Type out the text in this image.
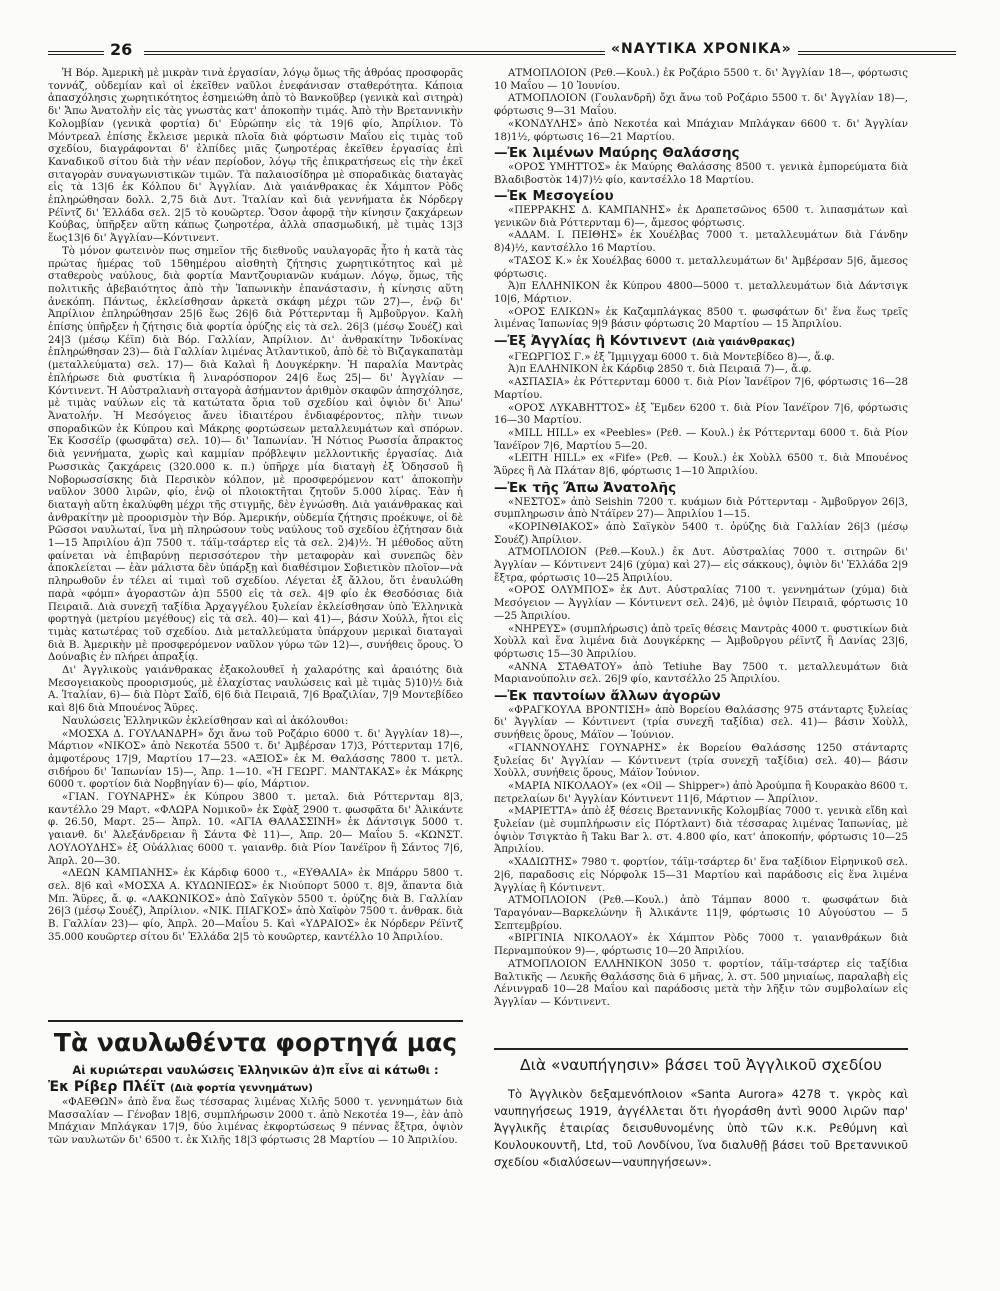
26	«ΝΑΥΤΙΚΑ ΧΡΟΝΙΚΑ»

Ἡ Βόρ. Ἀμερικὴ μὲ μικρὰν τινὰ ἐργασίαν, λόγῳ ὅμως τῆς ἀθρόας προσφορᾶς τοννάζ, οὐδεμίαν καὶ οἱ ἐκεῖθεν ναῦλοι ἐνεφάνισαν σταθερότητα. Κάποια ἀπασχόλησις χωρητικότητος ἐσημειώθη ἀπὸ τὸ Βανκοῦβερ (γενικὰ καὶ σιτηρὰ) δι' Ἄπω Ἀνατολὴν εἰς τὰς γνωστὰς κατ' ἀποκοπὴν τιμάς. Ἀπὸ τὴν Βρεταννικὴν Κολομβίαν (γενικὰ φορτία) δι' Εὐρώπην εἰς τὰ 19|6 φίο, Ἀπρίλιον. Τὸ Μόντρεαλ ἐπίσης ἔκλεισε μερικὰ πλοῖα διὰ φόρτωσιν Μαΐου εἰς τιμὰς τοῦ σχεδίου, διαγράφονται δ' ἐλπίδες μιᾶς ζωηροτέρας ἐκεῖθεν ἐργασίας ἐπὶ Καναδικοῦ σίτου διὰ τὴν νέαν περίοδον, λόγῳ τῆς ἐπικρατήσεως εἰς τὴν ἐκεῖ σιταγορὰν συναγωνιστικῶν τιμῶν. Τὰ παλαιοσίδηρα μὲ σποραδικὰς διαταγὰς εἰς τὰ 13|6 ἐκ Κόλπου δι' Ἀγγλίαν. Διὰ γαιάνθρακας ἐκ Χάμπτον Ρὸδς ἐπληρώθησαν δολλ. 2,75 διὰ Δυτ. Ἰταλίαν καὶ διὰ γεννήματα ἐκ Νόρδεργ Ρέϊντζ δι' Ἑλλάδα σελ. 2|5 τὸ κουῶρτερ. Ὅσον ἀφορᾷ τὴν κίνησιν ζακχάρεων Κούβας, ὑπῆρξεν αὕτη κάπως ζωηροτέρα, ἀλλὰ σπασμωδική, μὲ τιμὰς 13|3 ἕως13|6 δι' Ἀγγλίαν—Κόντινεντ.

Τὸ μόνον φωτεινὸν πως σημεῖον τῆς διεθνοῦς ναυλαγορᾶς ἦτο ἡ κατὰ τὰς πρώτας ἡμέρας τοῦ 15θημέρου αἰσθητὴ ζήτησις χωρητικότητος καὶ μὲ σταθεροὺς ναύλους, διὰ φορτία Μαντζουριανῶν κυάμων. Λόγῳ, ὅμως, τῆς πολιτικῆς ἀβεβαιότητος ἀπὸ τὴν Ἰαπωνικὴν ἐπανάστασιν, ἡ κίνησις αὕτη ἀνεκόπη. Πάντως, ἐκλείσθησαν ἀρκετὰ σκάφη μέχρι τῶν 27)—, ἐνῷ δι' Ἀπρίλιον ἐπληρώθησαν 25|6 ἕως 26|6 διὰ Ρόττερνταμ ἢ Ἀμβοῦργον. Καλὴ ἐπίσης ὑπῆρξεν ἡ ζήτησις διὰ φορτία ὀρύζης εἰς τὰ σελ. 26|3 (μέσῳ Σουέζ) καὶ 24|3 (μέσῳ Κέϊπ) διὰ Βόρ. Γαλλίαν, Ἀπρίλιον. Δι' ἀνθρακίτην Ἰνδοκίνας ἐπληρώθησαν 23)— διὰ Γαλλίαν λιμένας Ἀτλαντικοῦ, ἀπὸ δὲ τὸ Βιζαγκαπατὰμ (μεταλλεύματα) σελ. 17)— διὰ Καλαὶ ἢ Δουγκέρκην. Ἡ παραλία Μαντρὰς ἐπλήρωσε διὰ φυστίκια ἢ λιναρόσπορον 24|6 ἕως 25|— δι' Ἀγγλίαν —Κόντινεντ. Ἡ Αὐστραλιανὴ σιταγορὰ ἀσήμαντον ἀριθμὸν σκαφῶν ἀπησχόλησε, μὲ τιμὰς ναύλων εἰς τὰ κατώτατα ὅρια τοῦ σχεδίου καὶ ὀψιὸν δι' Ἀπω' Ἀνατολήν. Ἡ Μεσόγειος ἄνευ ἰδιαιτέρου ἐνδιαφέροντος, πλὴν τινων σποραδικῶν ἐκ Κύπρου καὶ Μάκρης φορτώσεων μεταλλευμάτων καὶ σπόρων. Ἐκ Κοσσέϊρ (φωσφᾶτα) σελ. 10)— δι' Ἰαπωνίαν. Ἡ Νότιος Ρωσσία ἄπρακτος διὰ γεννήματα, χωρὶς καὶ καμμίαν πρόβλεψιν μελλοντικῆς ἐργασίας. Διὰ Ρωσσικὰς ζακχάρεις (320.000 κ. π.) ὑπῆρχε μία διαταγὴ ἐξ Ὀδησσοῦ ἢ Νοβορωσσίσκης διὰ Περσικὸν κόλπον, μὲ προσφερόμενον κατ' ἀποκοπὴν ναῦλον 3000 λιρῶν, φίο, ἐνῷ οἱ πλοιοκτῆται ζητοῦν 5.000 λίρας. Ἐὰν ἡ διαταγὴ αὕτη ἐκαλύφθη μέχρι τῆς στιγμῆς, δὲν ἐγνώσθη. Διὰ γαιάνθρακας καὶ ἀνθρακίτην μὲ προορισμὸν τὴν Βόρ. Ἀμερικήν, οὐδεμία ζήτησις προέκυψε, οἱ δὲ Ρῶσσοι ναυλωταί, ἵνα μὴ πληρώσουν τοὺς ναύλους τοῦ σχεδίου ἐζήτησαν διὰ 1—15 Ἀπριλίου ἀ)π 7500 τ. τάϊμ-τσάρτερ εἰς τὰ σελ. 2)4)½. Ἡ μέθοδος αὕτη φαίνεται νὰ ἐπιβαρύνῃ περισσότερον τὴν μεταφορὰν καὶ συνεπῶς δὲν ἀποκλείεται — ἐὰν μάλιστα δὲν ὑπάρξῃ καὶ διαθέσιμον Σοβιετικὸν πλοῖον—νὰ πληρωθοῦν ἐν τέλει αἱ τιμαὶ τοῦ σχεδίου. Λέγεται ἐξ ἄλλου, ὅτι ἐναυλώθη παρὰ «φόμπ» ἀγοραστῶν ἀ)π 5500 εἰς τὰ σελ. 4|9 φίο ἐκ Θεσδόσιας διὰ Πειραιᾶ. Διὰ συνεχῆ ταξίδια Ἀρχαγγέλου ξυλείαν ἐκλείσθησαν ὑπὸ Ἑλληνικὰ φορτηγὰ (μετρίου μεγέθους) εἰς τὰ σελ. 40)— καὶ 41)—, βάσιν Χούλλ, ἤτοι εἰς τιμὰς κατωτέρας τοῦ σχεδίου. Διὰ μεταλλεύματα ὑπάρχουν μερικαὶ διαταγαὶ διὰ Β. Ἀμερικὴν μὲ προσφερόμενον ναῦλον γύρω τῶν 12)—, συνήθεις ὅρους. Ὁ Δούναβις ἐν πλήρει ἀπραξίᾳ.

Δι' Ἀγγλικοὺς γαιάνθρακας ἐξακολουθεῖ ἡ χαλαρότης καὶ ἀραιότης διὰ Μεσογειακοὺς προορισμούς, μὲ ἐλαχίστας ναυλώσεις καὶ μὲ τιμὰς 5)10)½ διὰ Α. Ἰταλίαν, 6)— διὰ Πὸρτ Σαΐδ, 6|6 διὰ Πειραιᾶ, 7|6 Βραζιλίαν, 7|9 Μοντεβίδεο καὶ 8|6 διὰ Μπουένος Ἄϋρες.

Ναυλώσεις Ἑλληνικῶν ἐκλείσθησαν καὶ αἱ ἀκόλουθοι:

«ΜΟΣΧΑ Δ. ΓΟΥΛΑΝΔΡΗ» ὄχι ἄνω τοῦ Ροζάριο 6000 τ. δι' Ἀγγλίαν 18)—, Μάρτιον «ΝΙΚΟΣ» ἀπὸ Νεκοτέα 5500 τ. δι' Ἀμβέρσαν 17)3, Ρόττερνταμ 17|6, ἀμφοτέρους 17|9, Μαρτίου 17—23. «ΑΞΙΟΣ» ἐκ Μ. Θαλάσσης 7800 τ. μετλ. σιδήρου δι' Ἰαπωνίαν 15)—, Ἀπρ. 1—10. «Ἡ ΓΕΩΡΓ. ΜΑΝΤΑΚΑΣ» ἐκ Μάκρης 6000 τ. φορτίον διὰ Νορβηγίαν 6)— φίο, Μάρτιον.

«ΓΙΑΝ. ΓΟΥΝΑΡΗΣ» ἐκ Κύπρου 3800 τ. μεταλ. διὰ Ρόττερνταμ 8|3, καντέλλο 29 Μαρτ. «ΦΛΩΡΑ Νομικοῦ» ἐκ Σφὰξ 2900 τ. φωσφᾶτα δι' Ἀλικάντε φ. 26.50, Μαρτ. 25— Ἀπρλ. 10. «ΑΓΙΑ ΘΑΛΑΣΣΙΝΗ» ἐκ Δάντσιγκ 5000 τ. γαιανθ. δι' Ἀλεξάνδρειαν ἢ Σάντα Φὲ 11)—, Ἀπρ. 20— Μαΐου 5. «ΚΩΝΣΤ. ΛΟΥΛΟΥΔΗΣ» ἐξ Οὐάλλιας 6000 τ. γαιανθρ. διὰ Ρίον Ἰανέϊρον ἢ Σάντος 7|6, Ἀπρλ. 20—30.

«ΛΕΩΝ ΚΑΜΠΑΝΗΣ» ἐκ Κάρδιφ 6000 τ., «ΕΥΘΑΛΙΑ» ἐκ Μπάρρυ 5800 τ. σελ. 8|6 καὶ «ΜΟΣΧΑ Α. ΚΥΔΩΝΙΕΩΣ» ἐκ Νιούπορτ 5000 τ. 8|9, ἅπαντα διὰ Μπ. Ἄϋρες, ἄ. φ. «ΛΑΚΩΝΙΚΟΣ» ἀπὸ Σαϊγκὸν 5500 τ. ὀρύζης διὰ Β. Γαλλίαν 26|3 (μέσῳ Σουέζ), Ἀπρίλιον. «ΝΙΚ. ΠΙΑΓΚΟΣ» ἀπὸ Χαϊφὸν 7500 τ. ἀνθρακ. διὰ Β. Γαλλίαν 23)— φίο, Ἀπρλ. 20—Μαΐου 5. Καὶ «ΥΔΡΑΙΟΣ» ἐκ Νόρδερν Ρέϊντζ 35.000 κουῶρτερ σίτου δι' Ἑλλάδα 2|5 τὸ κουῶρτερ, καντέλλο 10 Ἀπριλίου.

ΑΤΜΟΠΛΟΙΟΝ (Ρεθ.—Κουλ.) ἐκ Ροζάριο 5500 τ. δι' Ἀγγλίαν 18—, φόρτωσις 10 Μαΐου — 10 Ἰουνίου.

ΑΤΜΟΠΛΟΙΟΝ (Γουλανδρῆ) ὄχι ἄνω τοῦ Ροζάριο 5500 τ. δι' Ἀγγλίαν 18)—, φόρτωσις 9—31 Μαΐου.

«ΚΟΝΔΥΛΗΣ» ἀπὸ Νεκοτέα καὶ Μπάχιαν Μπλάγκαν 6600 τ. δι' Ἀγγλίαν 18)1½, φόρτωσις 16—21 Μαρτίου.

—Ἐκ λιμένων Μαύρης Θαλάσσης

«ΟΡΟΣ ΥΜΗΤΤΟΣ» ἐκ Μαύρης Θαλάσσης 8500 τ. γενικὰ ἐμπορεύματα διὰ Βλαδιβοστὸκ 14)7)½ φίο, καντσέλλο 18 Μαρτίου.

—Ἐκ Μεσογείου

«ΠΕΡΡΑΚΗΣ Δ. ΚΑΜΠΑΝΗΣ» ἐκ Δραπετσῶνος 6500 τ. λιπασμάτων καὶ γενικῶν διὰ Ρόττερνταμ 6)—, ἄμεσος φόρτωσις.

«ΑΔΑΜ. Ι. ΠΕΙΘΗΣ» ἐκ Χουέλβας 7000 τ. μεταλλευμάτων διὰ Γάνδην 8)4)½, καντσέλλο 16 Μαρτίου.

«ΤΑΣΟΣ Κ.» ἐκ Χουέλβας 6000 τ. μεταλλευμάτων δι' Ἀμβέρσαν 5|6, ἄμεσος φόρτωσις.

Ἀ)π ΕΛΛΗΝΙΚΟΝ ἐκ Κύπρου 4800—5000 τ. μεταλλευμάτων διὰ Δάντσιγκ 10|6, Μάρτιον.

«ΟΡΟΣ ΕΛΙΚΩΝ» ἐκ Καζαμπλάγκας 8500 τ. φωσφάτων δι' ἕνα ἕως τρεῖς λιμένας Ἰαπωνίας 9|9 βάσιν φόρτωσις 20 Μαρτίου — 15 Ἀπριλίου.

—Ἐξ Ἀγγλίας ἢ Κόντινεντ (Διὰ γαιάνθρακας)

«ΓΕΩΡΓΙΟΣ Γ.» ἐξ Ἴμμιγχαμ 6000 τ. διὰ Μοντεβίδεο 8)—, ἄ.φ.

Ἀ)π ΕΛΛΗΝΙΚΟΝ ἐκ Κάρδιφ 2850 τ. διὰ Πειραιᾶ 7)—, ἄ.φ.

«ΑΣΠΑΣΙΑ» ἐκ Ρόττερνταμ 6000 τ. διὰ Ρίον Ἰανέϊρον 7|6, φόρτωσις 16—28 Μαρτίου.

«ΟΡΟΣ ΛΥΚΑΒΗΤΤΟΣ» ἐξ Ἔμδεν 6200 τ. διὰ Ρίον Ἰανέϊρον 7|6, φόρτωσις 16—30 Μαρτίου.

«MILL HILL» ex «Peebles» (Ρεθ. — Κουλ.) ἐκ Ρόττερνταμ 6000 τ. διὰ Ρίον Ἰανέϊρον 7|6, Μαρτίου 5—20.

«LEITH HILL» ex «Fife» (Ρεθ. — Κουλ.) ἐκ Χοὺλλ 6500 τ. διὰ Μπουένος Ἄϋρες ἢ Λὰ Πλάταν 8|6, φόρτωσις 1—10 Ἀπριλίου.

—Ἐκ τῆς Ἄπω Ἀνατολῆς

«ΝΕΣΤΟΣ» ἀπὸ Seishin 7200 τ. κυάμων διὰ Ρόττερνταμ - Ἀμβοῦργον 26|3, συμπληρωσιν ἀπὸ Ντάϊρεν 27)— Ἀπριλίου 1—15.

«ΚΟΡΙΝΘΙΑΚΟΣ» ἀπὸ Σαϊγκὸν 5400 τ. ὀρύζης διὰ Γαλλίαν 26|3 (μέσῳ Σουέζ) Ἀπρίλιον.

ΑΤΜΟΠΛΟΙΟΝ (Ρεθ.—Κουλ.) ἐκ Δυτ. Αὐστραλίας 7000 τ. σιτηρῶν δι' Ἀγγλίαν — Κόντινεντ 24|6 (χύμα) καὶ 27)— εἰς σάκκους), ὀψιὸν δι' Ἑλλάδα 2|9 ἔξτρα, φόρτωσις 10—25 Ἀπριλίου.

«ΟΡΟΣ ΟΛΥΜΠΟΣ» ἐκ Δυτ. Αὐστραλίας 7100 τ. γεννημάτων (χύμα) διὰ Μεσόγειον — Ἀγγλίαν — Κόντινεντ σελ. 24)6, μὲ ὀψιὸν Πειραιᾶ, φόρτωσις 10—25 Ἀπριλίου.

«ΝΗΡΕΥΣ» (συμπλήρωσις) ἀπὸ τρεῖς θέσεις Μαντρὰς 4000 τ. φυστικίων διὰ Χοὺλλ καὶ ἕνα λιμένα διὰ Δουγκέρκης — Ἀμβοῦργου ρέϊντζ ἢ Δανίας 23|6, φόρτωσις 15—30 Ἀπριλίου.

«ΑΝΝΑ ΣΤΑΘΑΤΟΥ» ἀπὸ Tetiuhe Bay 7500 τ. μεταλλευμάτων διὰ Μαριανούπολιν σελ. 26|9 φίο, καντσέλλο 25 Ἀπριλίου.

—Ἐκ παντοίων ἄλλων ἀγορῶν

«ΦΡΑΓΚΟΥΛΑ ΒΡΟΝΤΙΣΗ» ἀπὸ Βορείου Θαλάσσης 975 στάνταρτς ξυλείας δι' Ἀγγλίαν — Κόντινεντ (τρία συνεχῆ ταξίδια) σελ. 41)— βάσιν Χοὺλλ, συνήθεις ὅρους, Μάϊον — Ἰούνιον.

«ΓΙΑΝΝΟΥΛΗΣ ΓΟΥΝΑΡΗΣ» ἐκ Βορείου Θαλάσσης 1250 στάνταρτς ξυλείας δι' Ἀγγλίαν — Κόντινεντ (τρία συνεχῆ ταξίδια) σελ. 40)— βάσιν Χοὺλλ, συνήθεις ὅρους, Μάϊον Ἰούνιον.

«ΜΑΡΙΑ ΝΙΚΟΛΑΟΥ» (ex «Oil — Shipper») ἀπὸ Ἀρούμπα ἢ Κουρακὰο 8600 τ. πετρελαίων δι' Ἀγγλίαν Κόντινεντ 11|6, Μάρτιον — Ἀπρίλιον.

«ΜΑΡΙΕΤΤΑ» ἀπὸ ἐξ θέσεις Βρεταννικῆς Κολομβίας 7000 τ. γενικὰ εἴδη καὶ ξυλείαν (μὲ συμπλήρωσιν εἰς Πόρτλαντ) διὰ τέσσαρας λιμένας Ἰαπωνίας, μὲ ὀψιὸν Τσιγκτὰο ἢ Taku Bar λ. στ. 4.800 φίο, κατ' ἀποκοπήν, φόρτωσις 10—25 Ἀπριλίου.

«ΧΑΔΙΩΤΗΣ» 7980 τ. φορτίον, τάϊμ-τσάρτερ δι' ἕνα ταξίδιον Εἰρηνικοῦ σελ. 2|6, παραδοσις εἰς Νόρφολκ 15—31 Μαρτίου καὶ παράδοσις εἰς ἕνα λιμένα Ἀγγλίας ἢ Κόντινεντ.

ΑΤΜΟΠΛΟΙΟΝ (Ρεθ.—Κουλ.) ἀπὸ Τάμπαν 8000 τ. φωσφάτων διὰ Ταραγόναν—Βαρκελώνην ἢ Ἀλικάντε 11|9, φόρτωσις 10 Αὐγούστου — 5 Σεπτεμβρίου.

«ΒΙΡΓΙΝΙΑ ΝΙΚΟΛΑΟΥ» ἐκ Χάμπτον Ρὸδς 7000 τ. γαιανθράκων διὰ Περναμπούκον 9)—, φόρτωσις 10—20 Ἀπριλίου.

ΑΤΜΟΠΛΟΙΟΝ ΕΛΛΗΝΙΚΟΝ 3050 τ. φορτίον, τάϊμ-τσάρτερ εἰς ταξίδια Βαλτικῆς — Λευκῆς Θαλάσσης διὰ 6 μῆνας, λ. στ. 500 μηνιαίως, παραλαβὴ εἰς Λένινγραδ 10—28 Μαΐου καὶ παράδοσις μετὰ τὴν λῆξιν τῶν συμβολαίων εἰς Ἀγγλίαν — Κόντινεντ.

Τὰ ναυλωθέντα φορτηγά μας
Αἱ κυριώτεραι ναυλώσεις Ἑλληνικῶν ἀ)π εἶνε αἱ κάτωθι :
Ἐκ Ρίβερ Πλέϊτ (Διὰ φορτία γεννημάτων)

«ΦΑΕΘΩΝ» ἀπὸ ἕνα ἕως τέσσαρας λιμένας Χιλῆς 5000 τ. γεννημάτων διὰ Μασσαλίαν — Γένοβαν 18|6, συμπλήρωσιν 2000 τ. ἀπὸ Νεκοτέα 19—, ἐὰν ἀπὸ Μπάχιαν Μπλάγκαν 17|9, δύο λιμένας ἐκφορτώσεως 9 πέννας ἔξτρα, ὀψιὸν τῶν ναυλωτῶν δι' 6500 τ. ἐκ Χιλῆς 18|3 φόρτωσις 28 Μαρτίου — 10 Ἀπριλίου.

Διὰ «ναυπήγησιν» βάσει τοῦ Ἀγγλικοῦ σχεδίου

Τὸ Ἀγγλικὸν δεξαμενόπλοιον «Santa Aurora» 4278 τ. γκρὸς καὶ ναυπηγήσεως 1919, ἀγγέλλεται ὅτι ἠγοράσθη ἀντὶ 9000 λιρῶν παρ' Ἀγγλικῆς ἑταιρίας δεισυθυνομένης ὑπὸ τῶν κ.κ. Ρεθύμνη καὶ Κουλουκουντῆ, Ltd, τοῦ Λονδίνου, ἵνα διαλυθῇ βάσει τοῦ Βρεταννικοῦ σχεδίου «διαλύσεων—ναυπηγήσεων».
